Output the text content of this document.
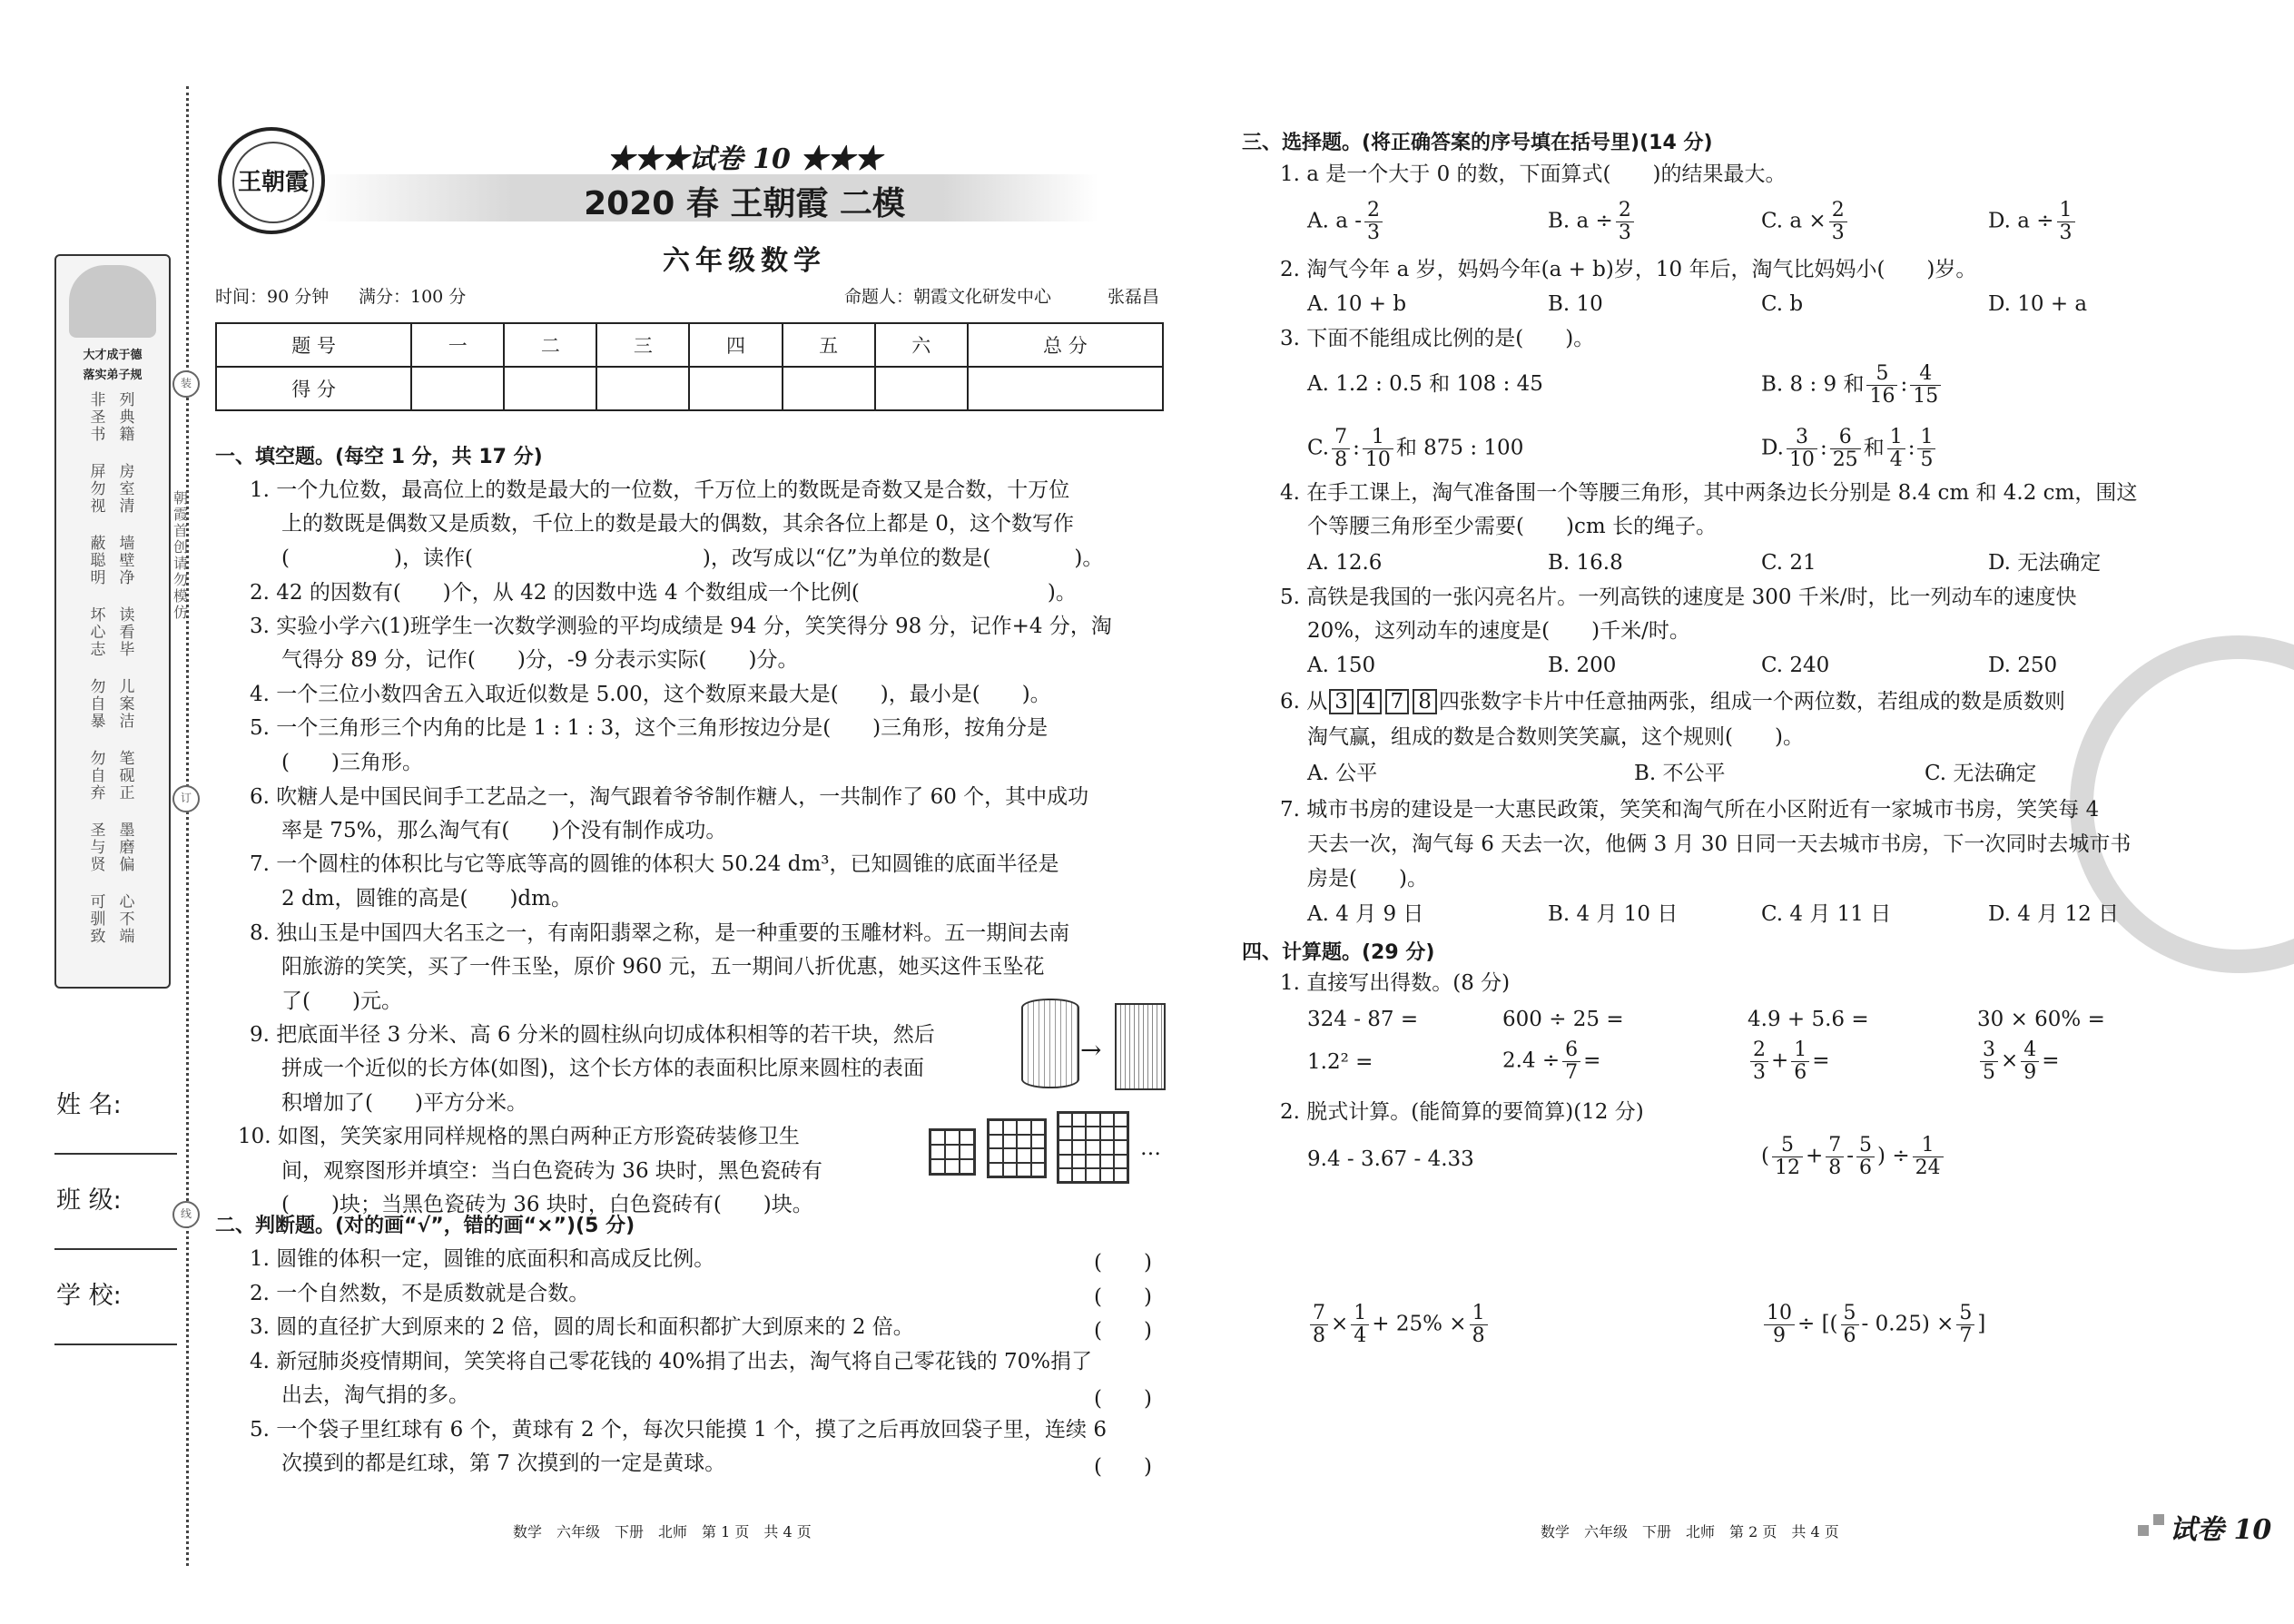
大才成于德
落实弟子规
非圣书
列典籍
屏勿视
房室清
蔽聪明
墙壁净
坏心志
读看毕
勿自暴
儿案洁
勿自弃
笔砚正
圣与贤
墨磨偏
可驯致
心不端
装
订
线
朝霞首创 请勿模仿
姓 名:
班 级:
学 校:
王朝霞
★★★试卷 10 ★★★
2020 春 王朝霞 二模
六年级数学
时间：90 分钟 满分：100 分	命题人：朝霞文化研发中心	张磊昌
题 号	一	二	三	四	五	六	总 分
得 分							
一、填空题。(每空 1 分，共 17 分)
1. 一个九位数，最高位上的数是最大的一位数，千万位上的数既是奇数又是合数，十万位
上的数既是偶数又是质数，千位上的数是最大的偶数，其余各位上都是 0，这个数写作
(　　　　　)，读作(　　　　　　　　　　　)，改写成以“亿”为单位的数是(　　　　)。
2. 42 的因数有(　　)个，从 42 的因数中选 4 个数组成一个比例(　　　　　　　　　)。
3. 实验小学六(1)班学生一次数学测验的平均成绩是 94 分，笑笑得分 98 分，记作+4 分，淘
气得分 89 分，记作(　　)分，-9 分表示实际(　　)分。
4. 一个三位小数四舍五入取近似数是 5.00，这个数原来最大是(　　)，最小是(　　)。
5. 一个三角形三个内角的比是 1 : 1 : 3，这个三角形按边分是(　　)三角形，按角分是
(　　)三角形。
6. 吹糖人是中国民间手工艺品之一，淘气跟着爷爷制作糖人，一共制作了 60 个，其中成功
率是 75%，那么淘气有(　　)个没有制作成功。
7. 一个圆柱的体积比与它等底等高的圆锥的体积大 50.24 dm³，已知圆锥的底面半径是
2 dm，圆锥的高是(　　)dm。
8. 独山玉是中国四大名玉之一，有南阳翡翠之称，是一种重要的玉雕材料。五一期间去南
阳旅游的笑笑，买了一件玉坠，原价 960 元，五一期间八折优惠，她买这件玉坠花
了(　　)元。
9. 把底面半径 3 分米、高 6 分米的圆柱纵向切成体积相等的若干块，然后
拼成一个近似的长方体(如图)，这个长方体的表面积比原来圆柱的表面
积增加了(　　)平方分米。
10. 如图，笑笑家用同样规格的黑白两种正方形瓷砖装修卫生
间，观察图形并填空：当白色瓷砖为 36 块时，黑色瓷砖有
(　　)块；当黑色瓷砖为 36 块时，白色瓷砖有(　　)块。
→
…
二、判断题。(对的画“√”，错的画“×”)(5 分)
1. 圆锥的体积一定，圆锥的底面积和高成反比例。	(　　)
2. 一个自然数，不是质数就是合数。	(　　)
3. 圆的直径扩大到原来的 2 倍，圆的周长和面积都扩大到原来的 2 倍。	(　　)
4. 新冠肺炎疫情期间，笑笑将自己零花钱的 40%捐了出去，淘气将自己零花钱的 70%捐了
出去，淘气捐的多。	(　　)
5. 一个袋子里红球有 6 个，黄球有 2 个，每次只能摸 1 个，摸了之后再放回袋子里，连续 6
次摸到的都是红球，第 7 次摸到的一定是黄球。	(　　)
数学　六年级　下册　北师　第 1 页　共 4 页
三、选择题。(将正确答案的序号填在括号里)(14 分)
1. a 是一个大于 0 的数，下面算式(　　)的结果最大。
A. a - $\frac{2}{3}$	B. $a \div \frac{2}{3}$	C. $a \times \frac{2}{3}$	D. $a \div \frac{1}{3}$
2. 淘气今年 a 岁，妈妈今年(a + b)岁，10 年后，淘气比妈妈小(　　)岁。
A. 10 + b	B. 10	C. b	D. 10 + a
3. 下面不能组成比例的是(　　)。
A. 1.2 : 0.5 和 108 : 45	B. 8 : 9 和 $\frac{5}{16}$ : $\frac{4}{15}$
C. $\frac{7}{8}$ : $\frac{1}{10}$ 和 875 : 100	D. $\frac{3}{10}$ : $\frac{6}{25}$ 和 $\frac{1}{4}$ : $\frac{1}{5}$
4. 在手工课上，淘气准备围一个等腰三角形，其中两条边长分别是 8.4 cm 和 4.2 cm，围这
个等腰三角形至少需要(　　)cm 长的绳子。
A. 12.6	B. 16.8	C. 21	D. 无法确定
5. 高铁是我国的一张闪亮名片。一列高铁的速度是 300 千米/时，比一列动车的速度快
20%，这列动车的速度是(　　)千米/时。
A. 150	B. 200	C. 240	D. 250
6. 从 3 4 7 8 四张数字卡片中任意抽两张，组成一个两位数，若组成的数是质数则
淘气赢，组成的数是合数则笑笑赢，这个规则(　　)。
A. 公平	B. 不公平	C. 无法确定
7. 城市书房的建设是一大惠民政策，笑笑和淘气所在小区附近有一家城市书房，笑笑每 4
天去一次，淘气每 6 天去一次，他俩 3 月 30 日同一天去城市书房，下一次同时去城市书
房是(　　)。
A. 4 月 9 日	B. 4 月 10 日	C. 4 月 11 日	D. 4 月 12 日
四、计算题。(29 分)
1. 直接写出得数。(8 分)
324 - 87 =	600 ÷ 25 =	4.9 + 5.6 =	30 × 60% =
1.2² =	$2.4 \div \frac{6}{7}$ =	$\frac{2}{3} + \frac{1}{6}$ =	$\frac{3}{5} \times \frac{4}{9}$ =
2. 脱式计算。(能简算的要简算)(12 分)
9.4 - 3.67 - 4.33	( $\frac{5}{12} + \frac{7}{8} - \frac{5}{6}$ ) ÷ $\frac{1}{24}$
$\frac{7}{8} \times \frac{1}{4} + 25\% \times \frac{1}{8}$	$\frac{10}{9}$ ÷ [( $\frac{5}{6} - 0.25) \times \frac{5}{7}$ ]
数学　六年级　下册　北师　第 2 页　共 4 页	试卷 10
